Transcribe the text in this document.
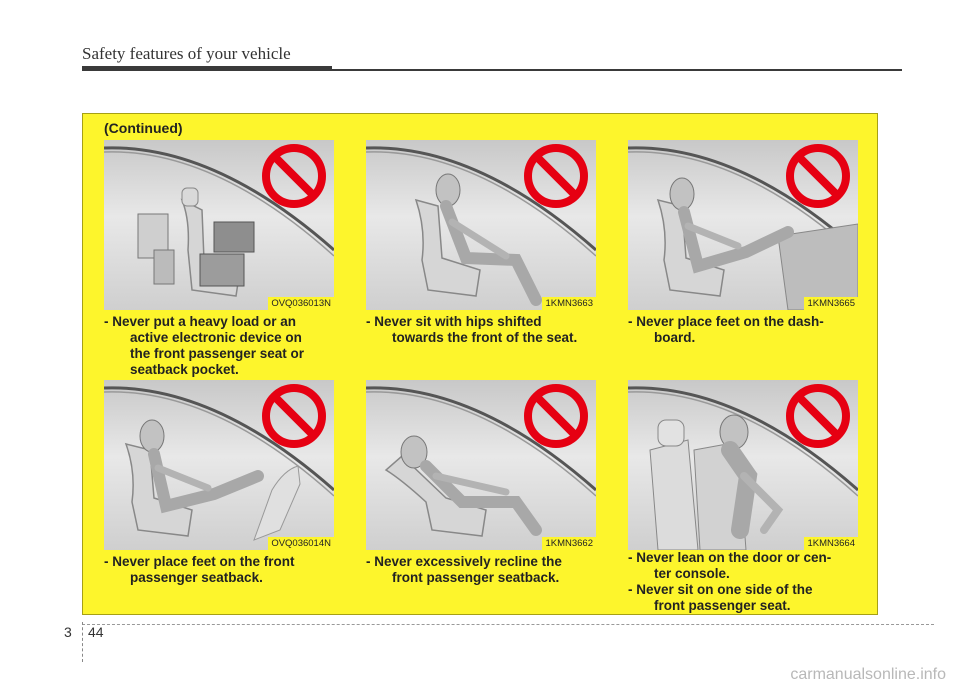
Safety features of your vehicle
(Continued)
OVQ036013N
- Never put a heavy load or an
active electronic device on
the front passenger seat or
seatback pocket.
1KMN3663
- Never sit with hips shifted
towards the front of the seat.
1KMN3665
- Never place feet on the dash-
board.
OVQ036014N
- Never place feet on the front
passenger seatback.
1KMN3662
- Never excessively recline the
front passenger seatback.
1KMN3664
- Never lean on the door or cen-
ter console.
- Never sit on one side of the
front passenger seat.
3 44
carmanualsonline.info
